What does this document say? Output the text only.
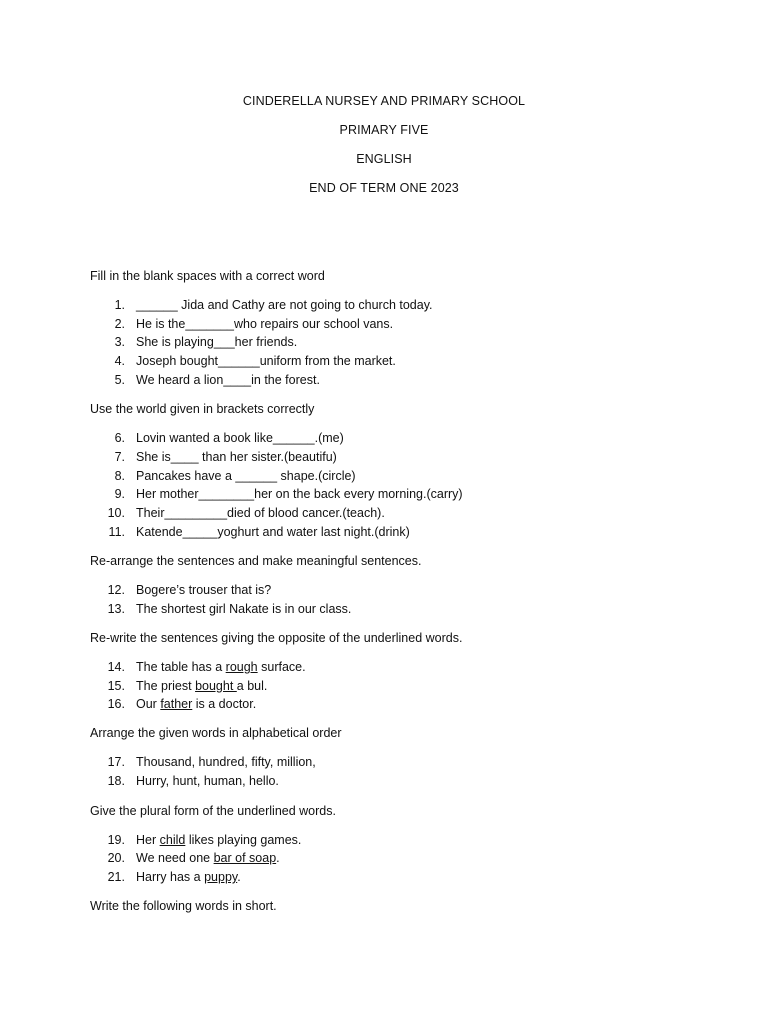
CINDERELLA NURSEY AND PRIMARY SCHOOL
PRIMARY FIVE
ENGLISH
END OF TERM ONE 2023
Fill in the blank spaces with a correct word
1. ______ Jida and Cathy are not going to church today.
2. He is the_______who repairs our school vans.
3. She is playing___her friends.
4. Joseph bought______uniform from the market.
5. We heard a lion____in the forest.
Use the world given in brackets correctly
6. Lovin wanted a book like______.(me)
7. She is____ than her sister.(beautifu)
8. Pancakes have a ______ shape.(circle)
9. Her mother________her on the back every morning.(carry)
10. Their_________died of blood cancer.(teach).
11. Katende_____yoghurt and water last night.(drink)
Re-arrange the sentences and make meaningful sentences.
12. Bogere’s trouser that is?
13. The shortest girl Nakate is in our class.
Re-write the sentences giving the opposite of the underlined words.
14. The table has a rough surface.
15. The priest bought a bul.
16. Our father is a doctor.
Arrange the given words in alphabetical order
17. Thousand, hundred, fifty, million,
18. Hurry, hunt, human, hello.
Give the plural form of the underlined words.
19. Her child likes playing games.
20. We need one bar of soap.
21. Harry has a puppy.
Write the following words in short.
